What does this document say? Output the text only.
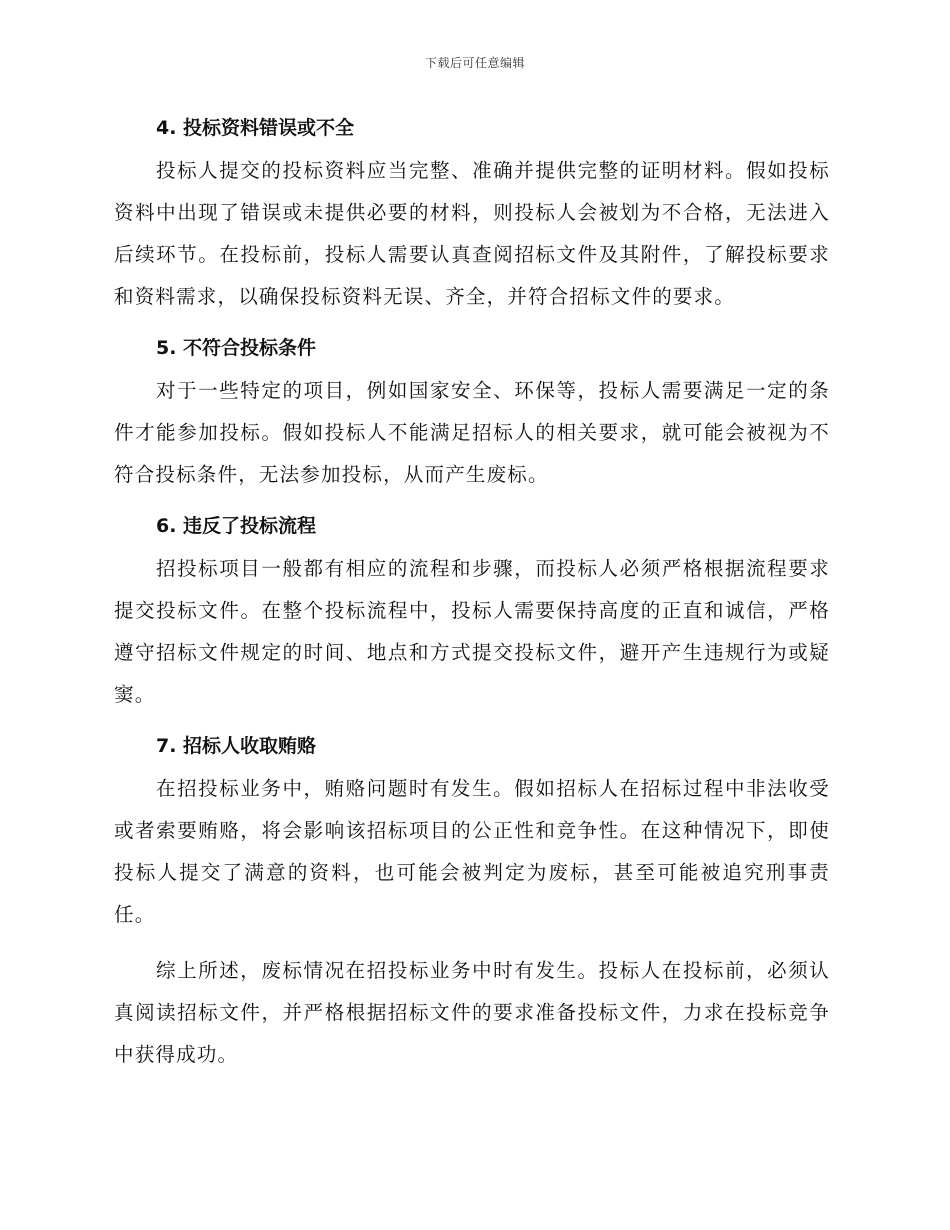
下载后可任意编辑
4. 投标资料错误或不全

投标人提交的投标资料应当完整、准确并提供完整的证明材料。假如投标资料中出现了错误或未提供必要的材料，则投标人会被划为不合格，无法进入后续环节。在投标前，投标人需要认真查阅招标文件及其附件，了解投标要求和资料需求，以确保投标资料无误、齐全，并符合招标文件的要求。

5. 不符合投标条件

对于一些特定的项目，例如国家安全、环保等，投标人需要满足一定的条件才能参加投标。假如投标人不能满足招标人的相关要求，就可能会被视为不符合投标条件，无法参加投标，从而产生废标。

6. 违反了投标流程

招投标项目一般都有相应的流程和步骤，而投标人必须严格根据流程要求提交投标文件。在整个投标流程中，投标人需要保持高度的正直和诚信，严格遵守招标文件规定的时间、地点和方式提交投标文件，避开产生违规行为或疑窦。

7. 招标人收取贿赂

在招投标业务中，贿赂问题时有发生。假如招标人在招标过程中非法收受或者索要贿赂，将会影响该招标项目的公正性和竞争性。在这种情况下，即使投标人提交了满意的资料，也可能会被判定为废标，甚至可能被追究刑事责任。

综上所述，废标情况在招投标业务中时有发生。投标人在投标前，必须认真阅读招标文件，并严格根据招标文件的要求准备投标文件，力求在投标竞争中获得成功。
